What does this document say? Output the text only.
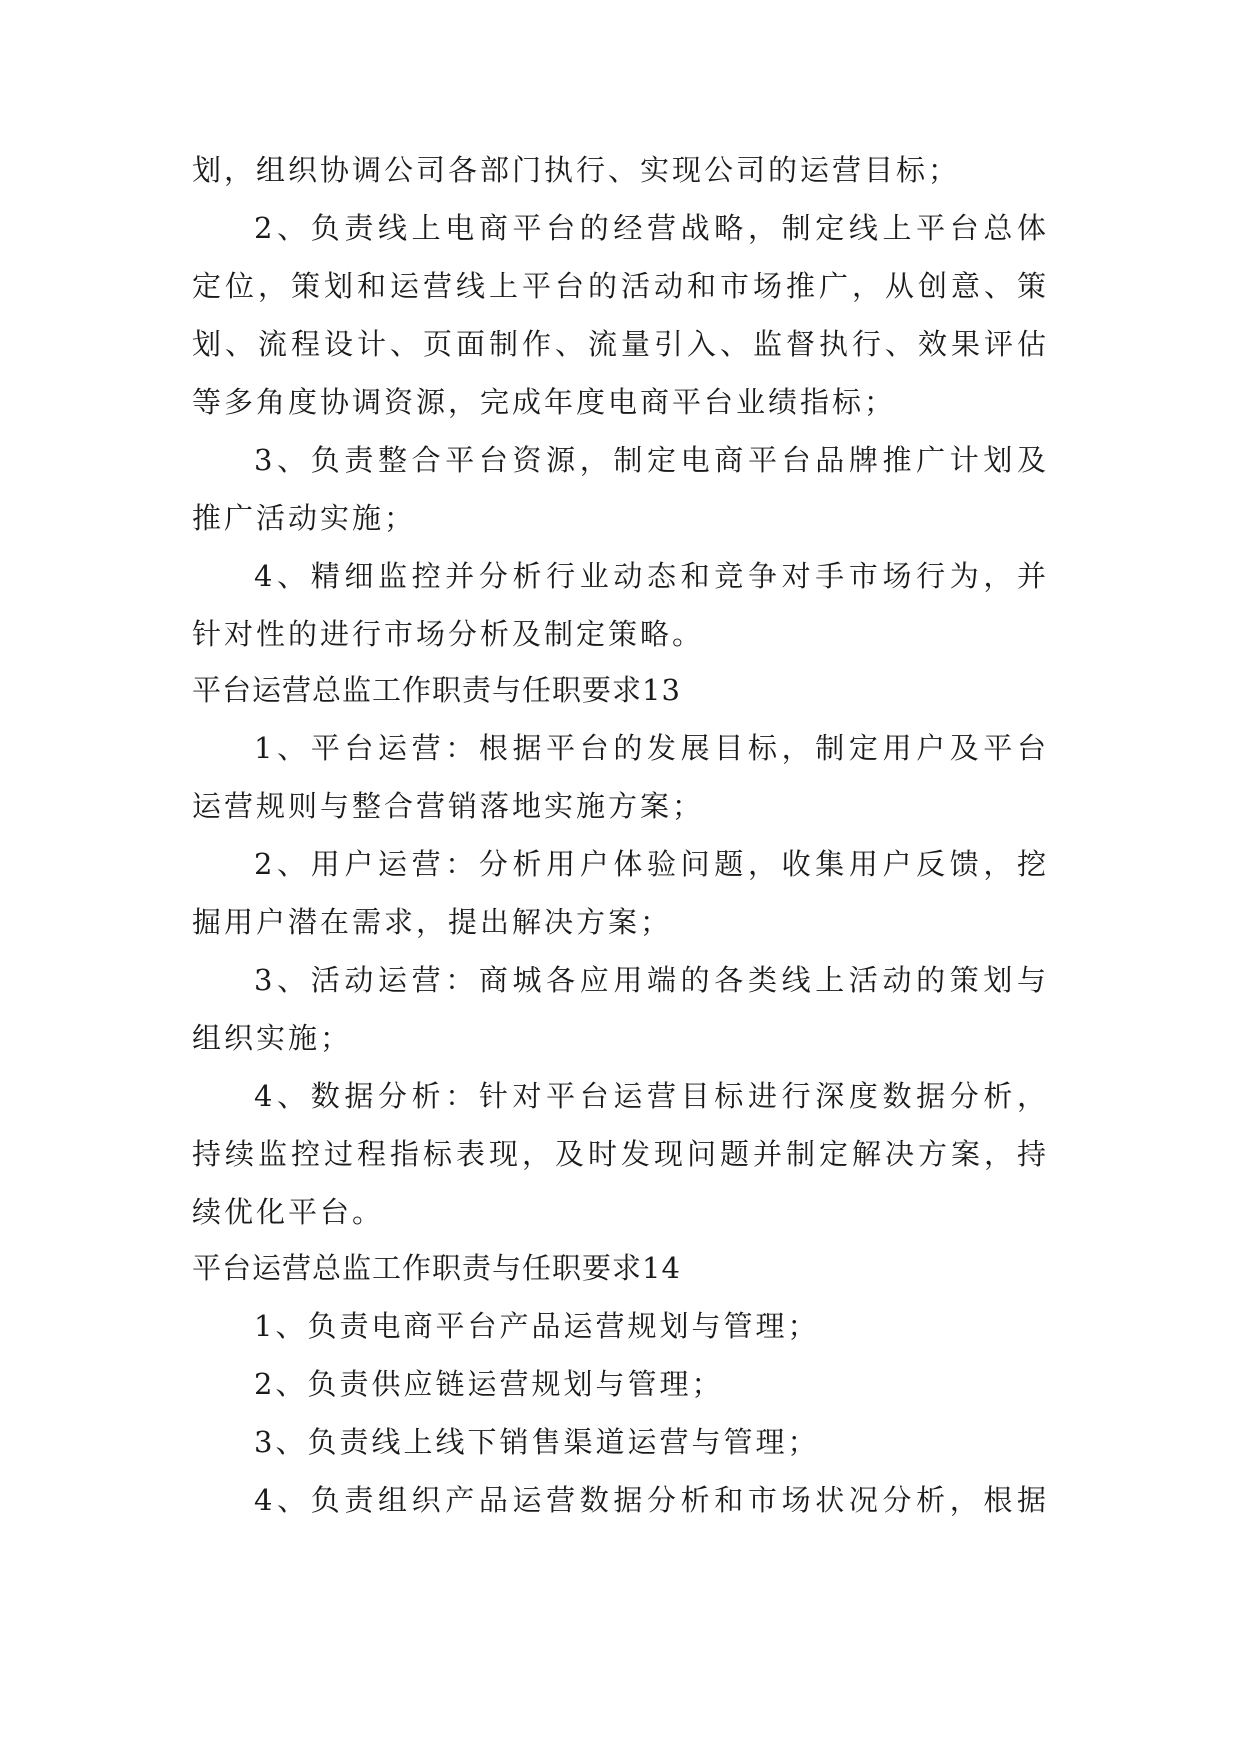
划，组织协调公司各部门执行、实现公司的运营目标；
2、负责线上电商平台的经营战略，制定线上平台总体
定位，策划和运营线上平台的活动和市场推广，从创意、策
划、流程设计、页面制作、流量引入、监督执行、效果评估
等多角度协调资源，完成年度电商平台业绩指标；
3、负责整合平台资源，制定电商平台品牌推广计划及
推广活动实施；
4、精细监控并分析行业动态和竞争对手市场行为，并
针对性的进行市场分析及制定策略。
平台运营总监工作职责与任职要求13
1、平台运营：根据平台的发展目标，制定用户及平台
运营规则与整合营销落地实施方案；
2、用户运营：分析用户体验问题，收集用户反馈，挖
掘用户潜在需求，提出解决方案；
3、活动运营：商城各应用端的各类线上活动的策划与
组织实施；
4、数据分析：针对平台运营目标进行深度数据分析，
持续监控过程指标表现，及时发现问题并制定解决方案，持
续优化平台。
平台运营总监工作职责与任职要求14
1、负责电商平台产品运营规划与管理；
2、负责供应链运营规划与管理；
3、负责线上线下销售渠道运营与管理；
4、负责组织产品运营数据分析和市场状况分析，根据
